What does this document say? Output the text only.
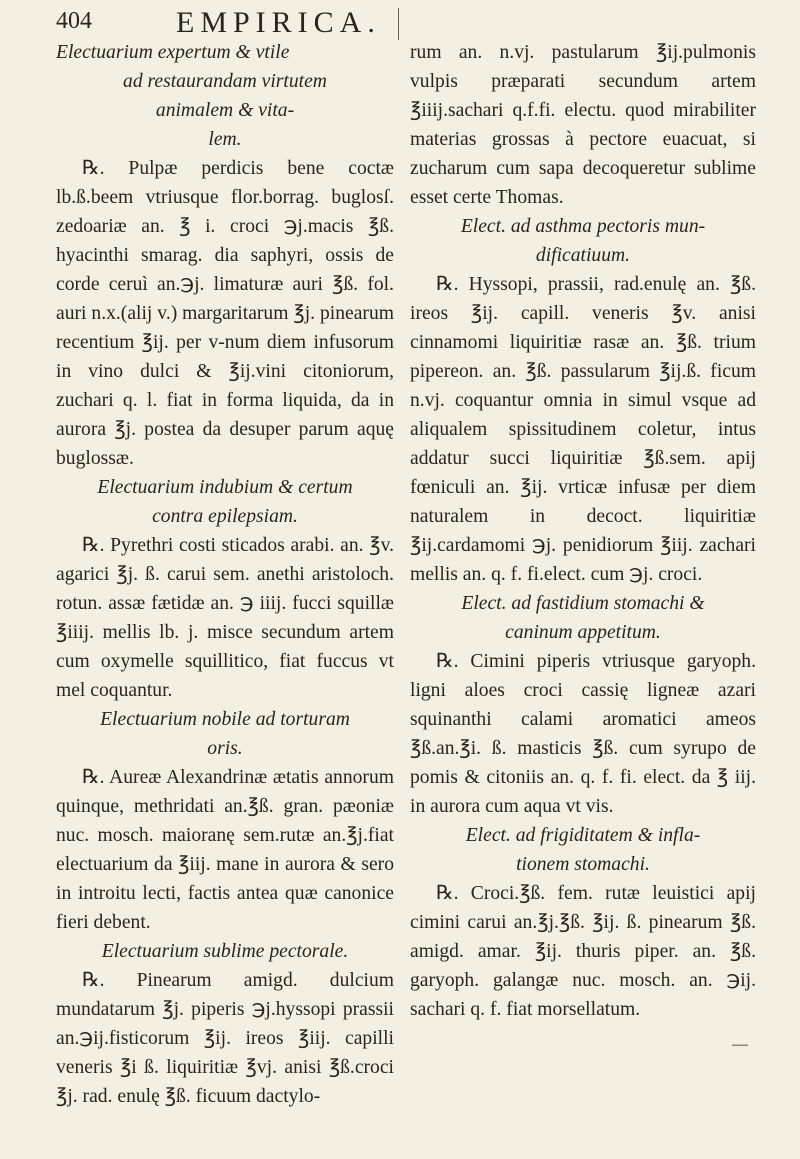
404	EMPIRICA.

Electuarium expertum & vtile

ad restaurandam virtutem

animalem & vita-

lem.

℞. Pulpæ perdicis bene coctæ lb.ß.beem vtriusque flor.borrag. buglosſ. zedoariæ an. ℥ i. croci ℈j.macis ℥ß. hyacinthi smarag. dia saphyri, ossis de corde ceruì an.℈j. limaturæ auri ℥ß. fol. auri n.x.(alij v.) margaritarum ℥j. pinearum recentium ℥ij. per v-num diem infusorum in vino dulci & ℥ij.vini citoniorum, zuchari q. l. fiat in forma liquida, da in aurora ℥j. postea da desuper parum aquę buglossæ.

Electuarium indubium & certum

contra epilepsiam.

℞. Pyrethri costi sticados arabi. an. ℥v. agarici ℥j. ß. carui sem. anethi aristoloch. rotun. assæ fætidæ an. ℈ iiij. fucci squillæ ℥iiij. mellis lb. j. misce secundum artem cum oxymelle squillitico, fiat fuccus vt mel coquantur.

Electuarium nobile ad torturam

oris.

℞. Aureæ Alexandrinæ ætatis annorum quinque, methridati an.℥ß. gran. pæoniæ nuc. mosch. maioranę sem.rutæ an.℥j.fiat electuarium da ℥iij. mane in aurora & sero in introitu lecti, factis antea quæ canonice fieri debent.

Electuarium sublime pectorale.

℞. Pinearum amigd. dulcium mundatarum ℥j. piperis ℈j.hyssopi prassii an.℈ij.fisticorum ℥ij. ireos ℥iij. capilli veneris ℥i ß. liquiritiæ ℥vj. anisi ℥ß.croci ℥j. rad. enulę ℥ß. ficuum dactylo-

rum an. n.vj. pastularum ℥ij.pulmonis vulpis præparati secundum artem ℥iiij.sachari q.f.fi. electu. quod mirabiliter materias grossas à pectore euacuat, si zucharum cum sapa decoqueretur sublime esset certe Thomas.

Elect. ad asthma pectoris mun-

dificatiuum.

℞. Hyssopi, prassii, rad.enulę an. ℥ß. ireos ℥ij. capill. veneris ℥v. anisi cinnamomi liquiritiæ rasæ an. ℥ß. trium pipereon. an. ℥ß. passularum ℥ij.ß. ficum n.vj. coquantur omnia in simul vsque ad aliqualem spissitudinem coletur, intus addatur succi liquiritiæ ℥ß.sem. apij fœniculi an. ℥ij. vrticæ infusæ per diem naturalem in decoct. liquiritiæ ℥ij.cardamomi ℈j. penidiorum ℥iij. zachari mellis an. q. f. fi.elect. cum ℈j. croci.

Elect. ad fastidium stomachi &

caninum appetitum.

℞. Cimini piperis vtriusque garyoph. ligni aloes croci cassię ligneæ azari squinanthi calami aromatici ameos ℥ß.an.℥i. ß. masticis ℥ß. cum syrupo de pomis & citoniis an. q. f. fi. elect. da ℥ iij. in aurora cum aqua vt vis.

Elect. ad frigiditatem & infla-

tionem stomachi.

℞. Croci.℥ß. fem. rutæ leuistici apij cimini carui an.℥j.℥ß. ℥ij. ß. pinearum ℥ß. amigd. amar. ℥ij. thuris piper. an. ℥ß. garyoph. galangæ nuc. mosch. an. ℈ij. sachari q. f. fiat morsellatum.

—
